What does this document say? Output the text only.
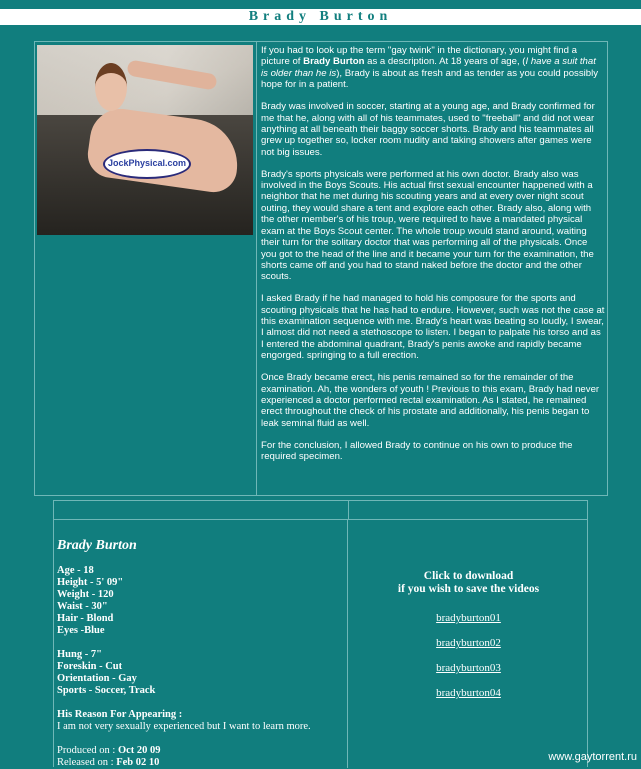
Brady Burton
JockPhysical.com

If you had to look up the term "gay twink" in the dictionary, you might find a picture of Brady Burton as a description. At 18 years of age, (I have a suit that is older than he is), Brady is about as fresh and as tender as you could possibly hope for in a patient.

Brady was involved in soccer, starting at a young age, and Brady confirmed for me that he, along with all of his teammates, used to "freeball" and did not wear anything at all beneath their baggy soccer shorts. Brady and his teammates all grew up together so, locker room nudity and taking showers after games were not big issues.

Brady's sports physicals were performed at his own doctor. Brady also was involved in the Boys Scouts. His actual first sexual encounter happened with a neighbor that he met during his scouting years and at every over night scout outing, they would share a tent and explore each other. Brady also, along with the other member's of his troup, were required to have a mandated physical exam at the Boys Scout center. The whole troup would stand around, waiting their turn for the solitary doctor that was performing all of the physicals. Once you got to the head of the line and it became your turn for the examination, the shorts came off and you had to stand naked before the doctor and the other scouts.

I asked Brady if he had managed to hold his composure for the sports and scouting physicals that he has had to endure. However, such was not the case at this examination sequence with me. Brady's heart was beating so loudly, I swear, I almost did not need a stethoscope to listen. I began to palpate his torso and as I entered the abdominal quadrant, Brady's penis awoke and rapidly became engorged. springing to a full erection.

Once Brady became erect, his penis remained so for the remainder of the examination. Ah, the wonders of youth ! Previous to this exam, Brady had never experienced a doctor performed rectal examination. As I stated, he remained erect throughout the check of his prostate and additionally, his penis began to leak seminal fluid as well.

For the conclusion, I allowed Brady to continue on his own to produce the required specimen.

Brady Burton
Age - 18
Height - 5' 09"
Weight - 120
Waist - 30"
Hair - Blond
Eyes -Blue
Hung - 7"
Foreskin - Cut
Orientation - Gay
Sports - Soccer, Track
His Reason For Appearing :
I am not very sexually experienced but I want to learn more.
Produced on : Oct 20 09
Released on : Feb 02 10
Click to download
if you wish to save the videos
bradyburton01
bradyburton02
bradyburton03
bradyburton04
www.gaytorrent.ru
